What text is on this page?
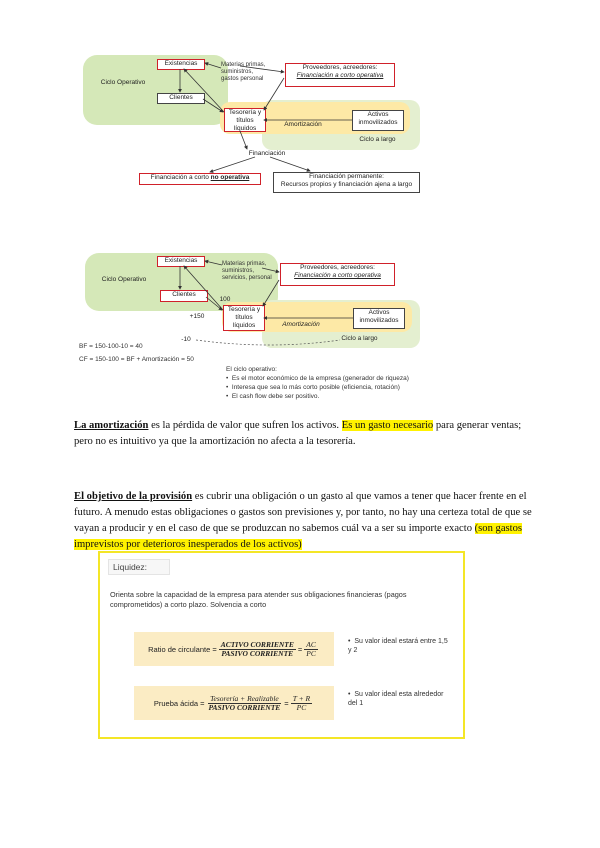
Ciclo Operativo
Ciclo a largo
Existencias	Materias primas, suministros, gastos personal
Clientes
Tesorería y títulos líquidos
Proveedores, acreedores:
Financiación a corto operativa
Amortización
Activos inmovilizados
Financiación
Financiación a corto no operativa	Financiación permanente:
Recursos propios y financiación ajena a largo
Ciclo Operativo
Ciclo a largo
Existencias	Materias primas, suministros, servicios, personal
Clientes
100
+150
Tesorería y títulos líquidos
Proveedores, acreedores:
Financiación a corto operativa
Amortización
Activos inmovilizados
-10
BF = 150-100-10 = 40
CF = 150-100 = BF + Amortización = 50
El ciclo operativo:
•  Es el motor económico de la empresa (generador de riqueza)
•  Interesa que sea lo más corto posible (eficiencia, rotación)
•  El cash flow debe ser positivo.
La amortización es la pérdida de valor que sufren los activos. Es un gasto necesario para generar ventas; pero no es intuitivo ya que la amortización no afecta a la tesorería.
El objetivo de la provisión es cubrir una obligación o un gasto al que vamos a tener que hacer frente en el futuro. A menudo estas obligaciones o gastos son previsiones y, por tanto, no hay una certeza total de que se vayan a producir y en el caso de que se produzcan no sabemos cuál va a ser su importe exacto (son gastos imprevistos por deterioros inesperados de los activos)
Liquidez:
Orienta sobre la capacidad de la empresa para atender sus obligaciones financieras (pagos comprometidos) a corto plazo. Solvencia a corto
Ratio de circulante = $\frac{\text{ACTIVO CORRIENTE}}{\text{PASIVO CORRIENTE}} = \frac{AC}{PC}$	•  Su valor ideal estará entre 1,5 y 2
Prueba ácida = $\frac{\text{Tesorería + Realizable}}{\text{PASIVO CORRIENTE}} = \frac{T + R}{PC}$	•  Su valor ideal esta alrededor del 1
